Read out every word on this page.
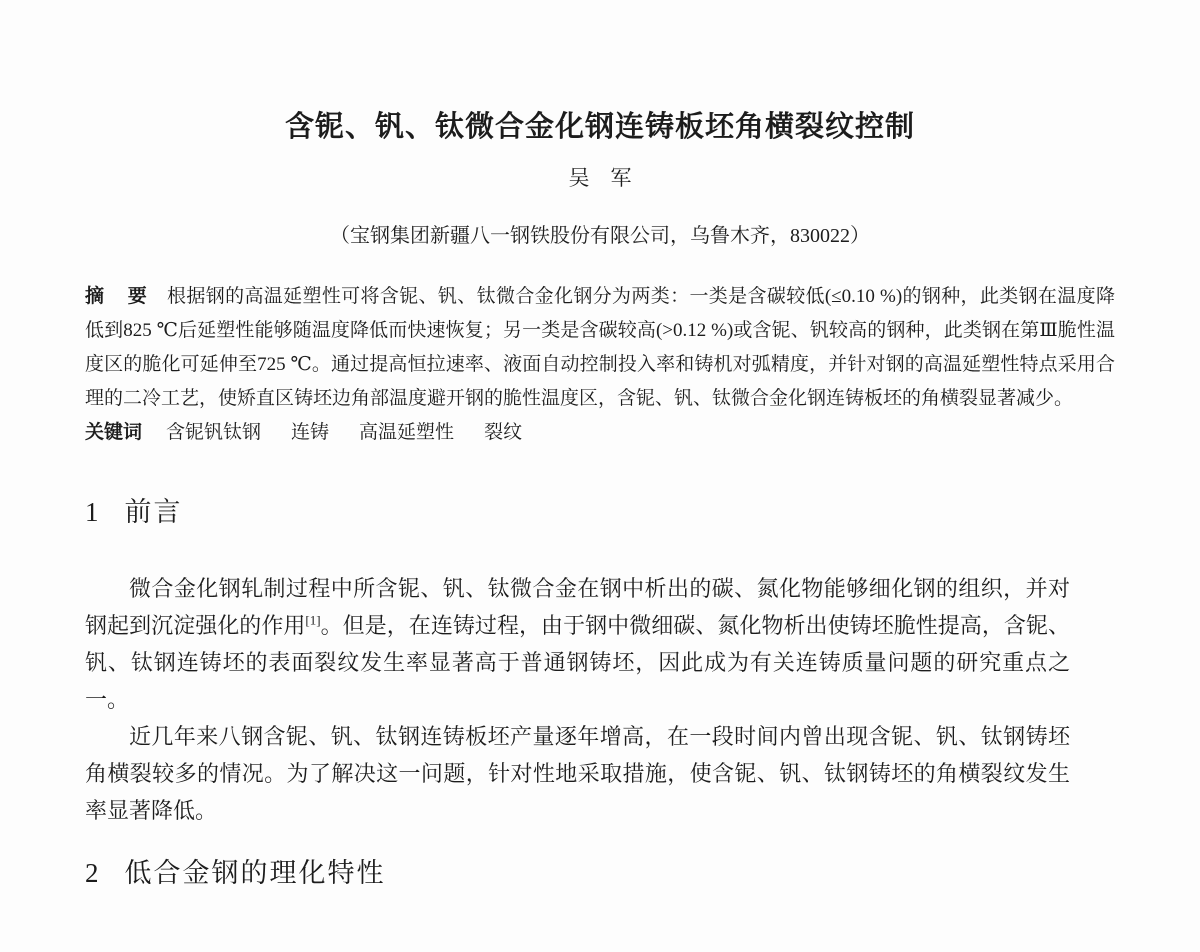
含铌、钒、钛微合金化钢连铸板坯角横裂纹控制
吴　军
（宝钢集团新疆八一钢铁股份有限公司，乌鲁木齐，830022）
摘　要 根据钢的高温延塑性可将含铌、钒、钛微合金化钢分为两类：一类是含碳较低(≤0.10 %)的钢种，此类钢在温度降低到825 ℃后延塑性能够随温度降低而快速恢复；另一类是含碳较高(>0.12 %)或含铌、钒较高的钢种，此类钢在第Ⅲ脆性温度区的脆化可延伸至725 ℃。通过提高恒拉速率、液面自动控制投入率和铸机对弧精度，并针对钢的高温延塑性特点采用合理的二冷工艺，使矫直区铸坯边角部温度避开钢的脆性温度区，含铌、钒、钛微合金化钢连铸板坯的角横裂显著减少。
关键词 含铌钒钛钢 连铸 高温延塑性 裂纹
1 前言

微合金化钢轧制过程中所含铌、钒、钛微合金在钢中析出的碳、氮化物能够细化钢的组织，并对钢起到沉淀强化的作用[1]。但是，在连铸过程，由于钢中微细碳、氮化物析出使铸坯脆性提高，含铌、钒、钛钢连铸坯的表面裂纹发生率显著高于普通钢铸坯，因此成为有关连铸质量问题的研究重点之一。

近几年来八钢含铌、钒、钛钢连铸板坯产量逐年增高，在一段时间内曾出现含铌、钒、钛钢铸坯角横裂较多的情况。为了解决这一问题，针对性地采取措施，使含铌、钒、钛钢铸坯的角横裂纹发生率显著降低。

2 低合金钢的理化特性
